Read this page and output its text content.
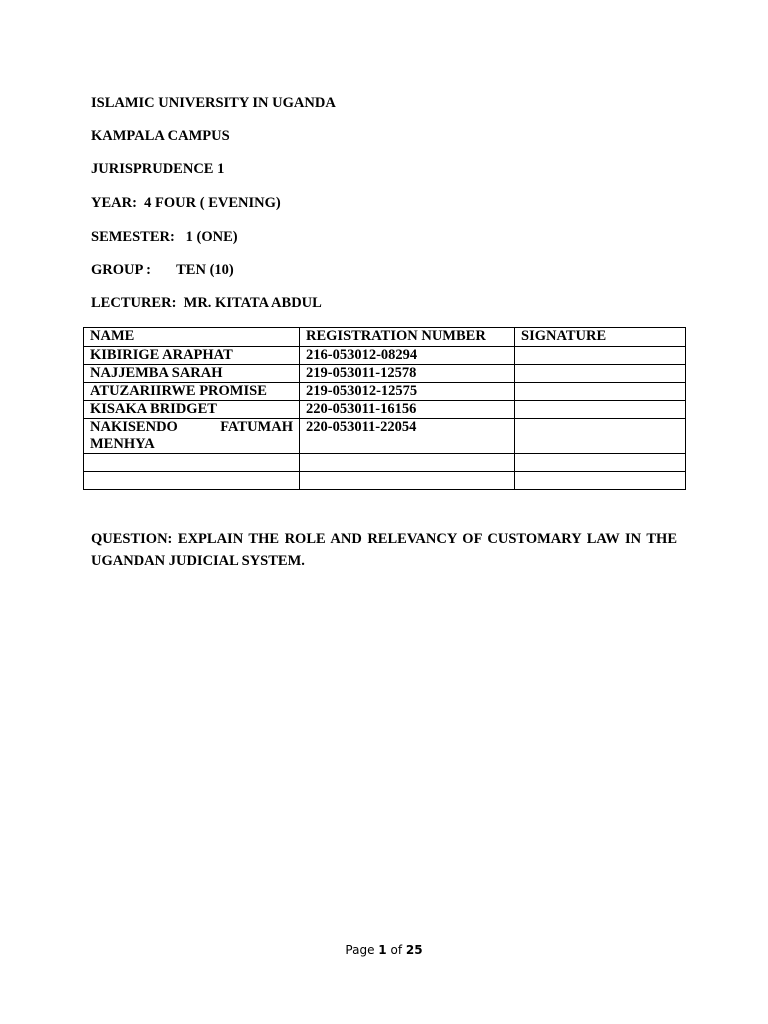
ISLAMIC UNIVERSITY IN UGANDA
KAMPALA CAMPUS
JURISPRUDENCE 1
YEAR:  4 FOUR ( EVENING)
SEMESTER:   1 (ONE)
GROUP :       TEN (10)
LECTURER:  MR. KITATA ABDUL
NAME	REGISTRATION NUMBER	SIGNATURE
KIBIRIGE ARAPHAT	216-053012-08294	
NAJJEMBA SARAH	219-053011-12578	
ATUZARIIRWE PROMISE	219-053012-12575	
KISAKA BRIDGET	220-053011-16156	
NAKISENDO FATUMAH MENHYA	220-053011-22054	

QUESTION: EXPLAIN THE ROLE AND RELEVANCY OF CUSTOMARY LAW IN THE UGANDAN JUDICIAL SYSTEM.
Page 1 of 25
